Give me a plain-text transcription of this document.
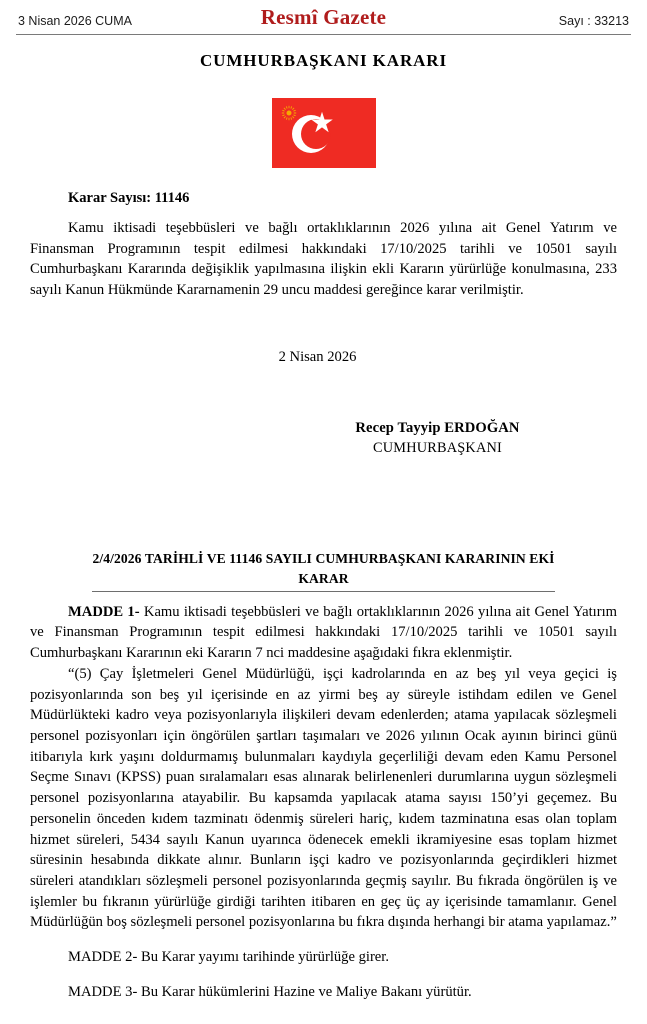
3 Nisan 2026 CUMA	Resmî Gazete	Sayı : 33213
CUMHURBAŞKANI KARARI
Karar Sayısı: 11146

Kamu iktisadi teşebbüsleri ve bağlı ortaklıklarının 2026 yılına ait Genel Yatırım ve Finansman Programının tespit edilmesi hakkındaki 17/10/2025 tarihli ve 10501 sayılı Cumhurbaşkanı Kararında değişiklik yapılmasına ilişkin ekli Kararın yürürlüğe konulmasına, 233 sayılı Kanun Hükmünde Kararnamenin 29 uncu maddesi gereğince karar verilmiştir.

2 Nisan 2026
Recep Tayyip ERDOĞAN
CUMHURBAŞKANI
2/4/2026 TARİHLİ VE 11146 SAYILI CUMHURBAŞKANI KARARININ EKİ
KARAR

MADDE 1- Kamu iktisadi teşebbüsleri ve bağlı ortaklıklarının 2026 yılına ait Genel Yatırım ve Finansman Programının tespit edilmesi hakkındaki 17/10/2025 tarihli ve 10501 sayılı Cumhurbaşkanı Kararının eki Kararın 7 nci maddesine aşağıdaki fıkra eklenmiştir.

“(5) Çay İşletmeleri Genel Müdürlüğü, işçi kadrolarında en az beş yıl veya geçici iş pozisyonlarında son beş yıl içerisinde en az yirmi beş ay süreyle istihdam edilen ve Genel Müdürlükteki kadro veya pozisyonlarıyla ilişkileri devam edenlerden; atama yapılacak sözleşmeli personel pozisyonları için öngörülen şartları taşımaları ve 2026 yılının Ocak ayının birinci günü itibarıyla kırk yaşını doldurmamış bulunmaları kaydıyla geçerliliği devam eden Kamu Personel Seçme Sınavı (KPSS) puan sıralamaları esas alınarak belirlenenleri durumlarına uygun sözleşmeli personel pozisyonlarına atayabilir. Bu kapsamda yapılacak atama sayısı 150’yi geçemez. Bu personelin önceden kıdem tazminatı ödenmiş süreleri hariç, kıdem tazminatına esas olan toplam hizmet süreleri, 5434 sayılı Kanun uyarınca ödenecek emekli ikramiyesine esas toplam hizmet süresinin hesabında dikkate alınır. Bunların işçi kadro ve pozisyonlarında geçirdikleri hizmet süreleri atandıkları sözleşmeli personel pozisyonlarında geçmiş sayılır. Bu fıkrada öngörülen iş ve işlemler bu fıkranın yürürlüğe girdiği tarihten itibaren en geç üç ay içerisinde tamamlanır. Genel Müdürlüğün boş sözleşmeli personel pozisyonlarına bu fıkra dışında herhangi bir atama yapılamaz.”

MADDE 2- Bu Karar yayımı tarihinde yürürlüğe girer.

MADDE 3- Bu Karar hükümlerini Hazine ve Maliye Bakanı yürütür.
